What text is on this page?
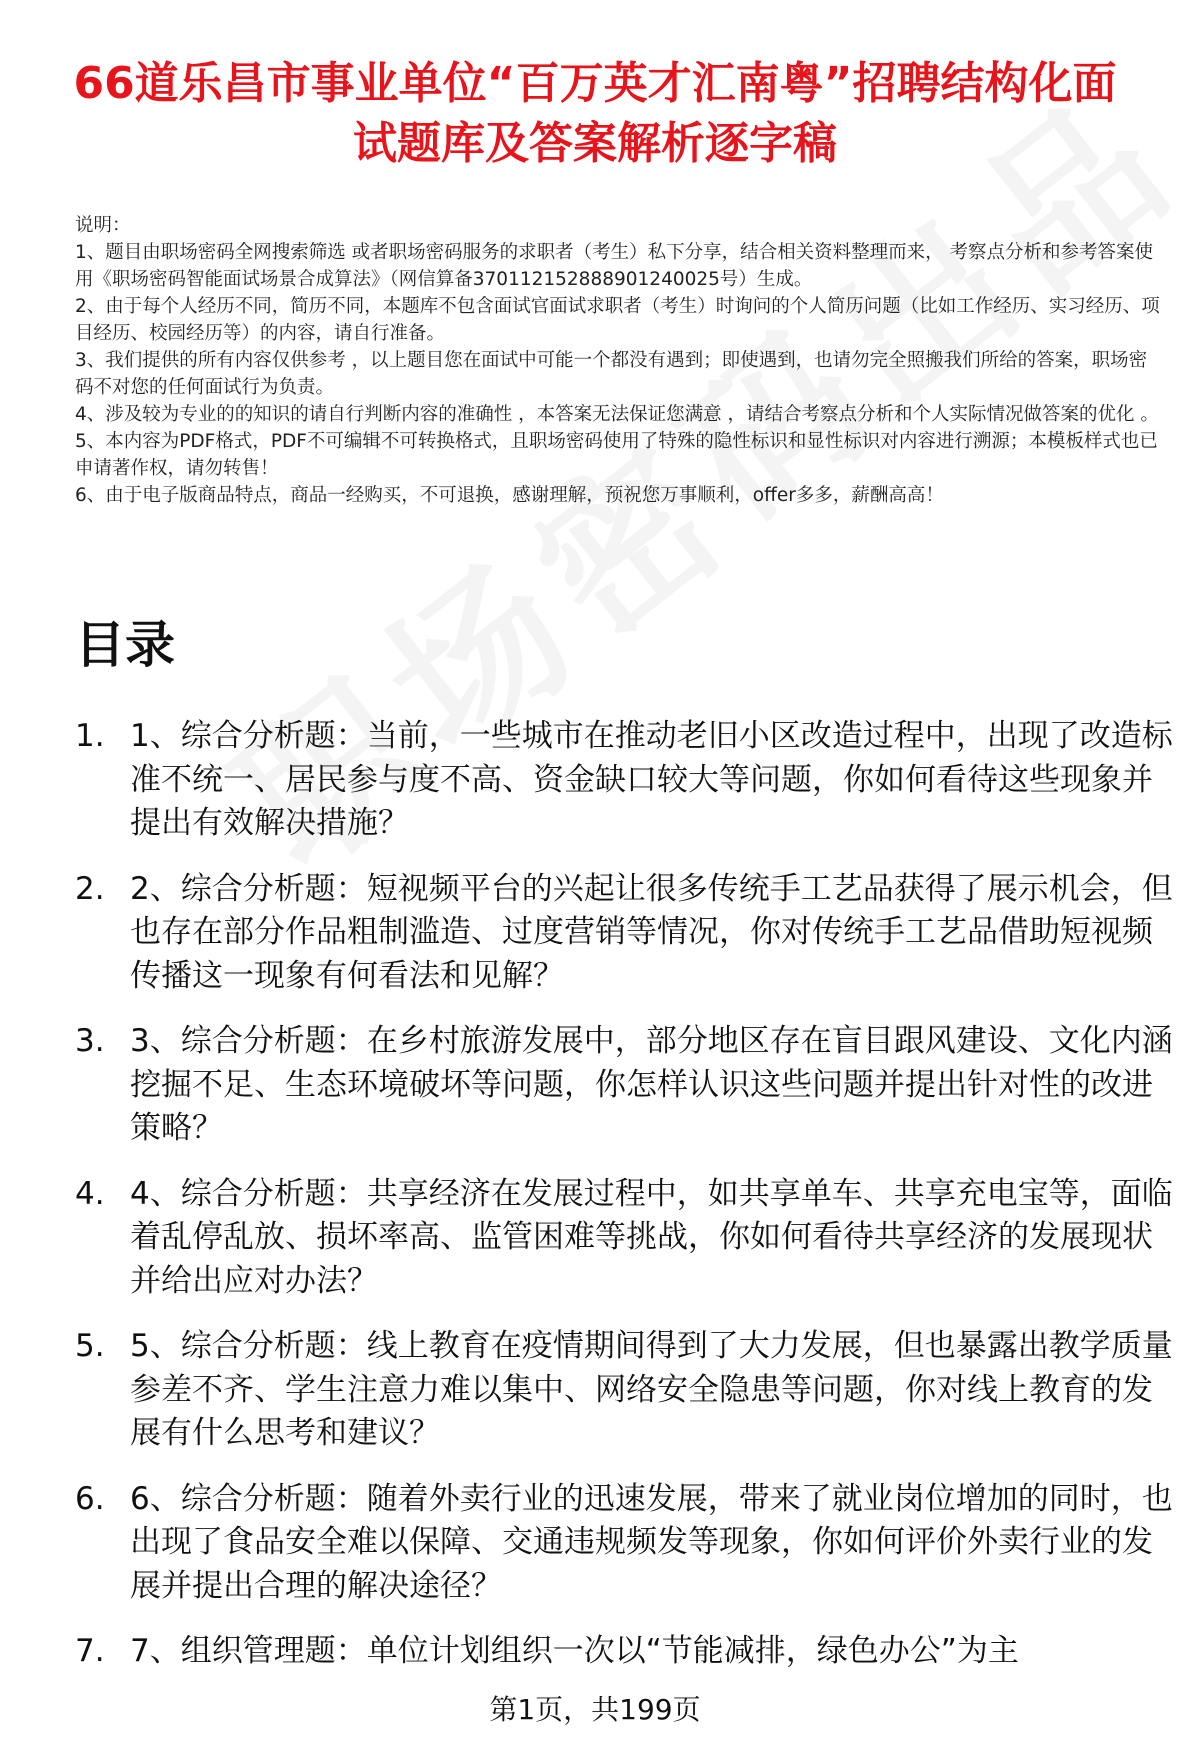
66道乐昌市事业单位“百万英才汇南粤”招聘结构化面试题库及答案解析逐字稿

说明：

1、题目由职场密码全网搜索筛选 或者职场密码服务的求职者（考生）私下分享，结合相关资料整理而来， 考察点分析和参考答案使用《职场密码智能面试场景合成算法》（网信算备370112152888901240025号）生成。

2、由于每个人经历不同，简历不同，本题库不包含面试官面试求职者（考生）时询问的个人简历问题（比如工作经历、实习经历、项目经历、校园经历等）的内容，请自行准备。

3、我们提供的所有内容仅供参考 ，以上题目您在面试中可能一个都没有遇到；即使遇到，也请勿完全照搬我们所给的答案，职场密码不对您的任何面试行为负责。

4、涉及较为专业的的知识的请自行判断内容的准确性 ，本答案无法保证您满意 ，请结合考察点分析和个人实际情况做答案的优化 。

5、本内容为PDF格式，PDF不可编辑不可转换格式，且职场密码使用了特殊的隐性标识和显性标识对内容进行溯源；本模板样式也已申请著作权，请勿转售！

6、由于电子版商品特点，商品一经购买，不可退换，感谢理解，预祝您万事顺利，offer多多，薪酬高高！

目录
1. 1、综合分析题：当前，一些城市在推动老旧小区改造过程中，出现了改造标准不统一、居民参与度不高、资金缺口较大等问题，你如何看待这些现象并提出有效解决措施？
2. 2、综合分析题：短视频平台的兴起让很多传统手工艺品获得了展示机会，但也存在部分作品粗制滥造、过度营销等情况，你对传统手工艺品借助短视频传播这一现象有何看法和见解？
3. 3、综合分析题：在乡村旅游发展中，部分地区存在盲目跟风建设、文化内涵挖掘不足、生态环境破坏等问题，你怎样认识这些问题并提出针对性的改进策略？
4. 4、综合分析题：共享经济在发展过程中，如共享单车、共享充电宝等，面临着乱停乱放、损坏率高、监管困难等挑战，你如何看待共享经济的发展现状并给出应对办法？
5. 5、综合分析题：线上教育在疫情期间得到了大力发展，但也暴露出教学质量参差不齐、学生注意力难以集中、网络安全隐患等问题，你对线上教育的发展有什么思考和建议？
6. 6、综合分析题：随着外卖行业的迅速发展，带来了就业岗位增加的同时，也出现了食品安全难以保障、交通违规频发等现象，你如何评价外卖行业的发展并提出合理的解决途径？
7. 7、组织管理题：单位计划组织一次以“节能减排，绿色办公”为主
第1页，共199页
